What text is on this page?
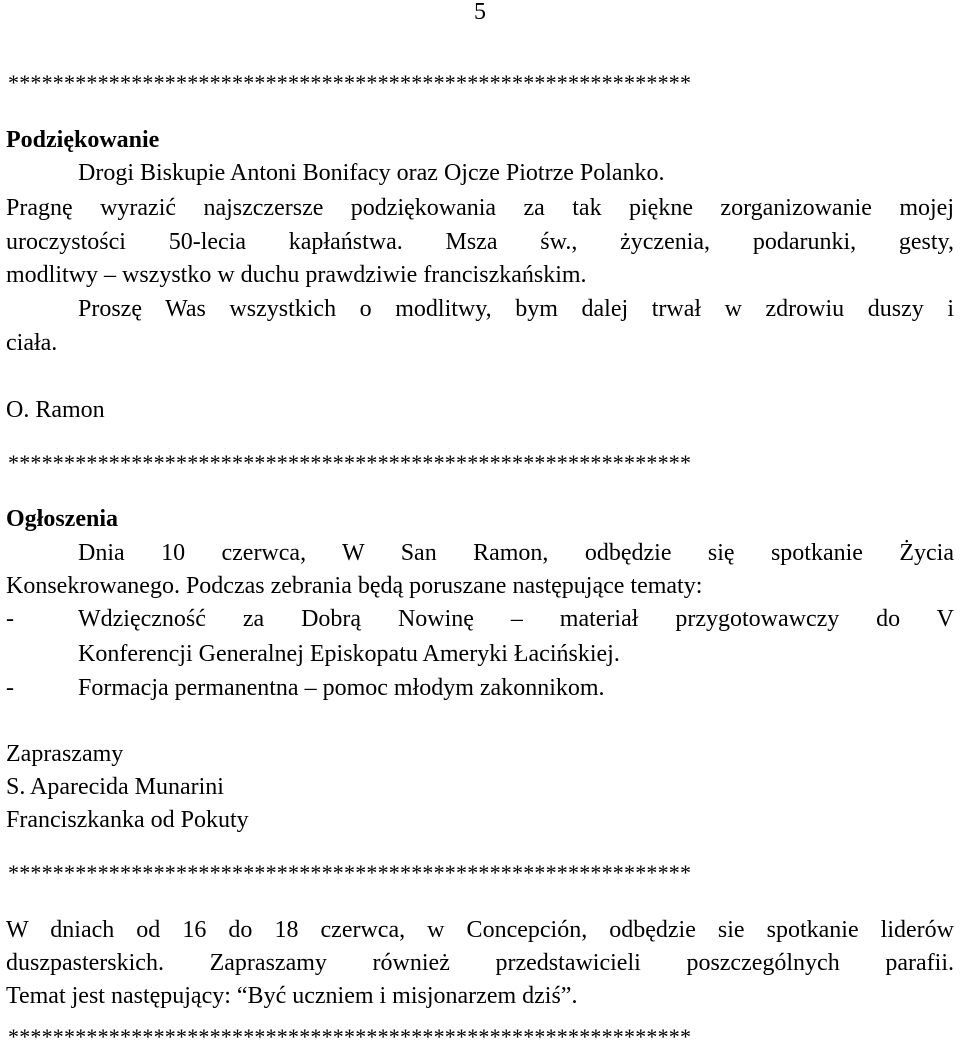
5
*************************************************************
Podziękowanie
Drogi Biskupie Antoni Bonifacy oraz Ojcze Piotrze Polanko.
Pragnę wyrazić najszczersze podziękowania za tak piękne zorganizowanie mojej
uroczystości 50-lecia kapłaństwa. Msza św., życzenia, podarunki, gesty,
modlitwy – wszystko w duchu prawdziwie franciszkańskim.
Proszę Was wszystkich o modlitwy, bym dalej trwał w zdrowiu duszy i
ciała.
O. Ramon
*************************************************************
Ogłoszenia
Dnia 10 czerwca, W San Ramon, odbędzie się spotkanie Życia
Konsekrowanego. Podczas zebrania będą poruszane następujące tematy:
-	Wdzięczność za Dobrą Nowinę – materiał przygotowawczy do V
Konferencji Generalnej Episkopatu Ameryki Łacińskiej.
-	Formacja permanentna – pomoc młodym zakonnikom.
Zapraszamy
S. Aparecida Munarini
Franciszkanka od Pokuty
*************************************************************
W dniach od 16 do 18 czerwca, w Concepción, odbędzie sie spotkanie liderów
duszpasterskich. Zapraszamy również przedstawicieli poszczególnych parafii.
Temat jest następujący: “Być uczniem i misjonarzem dziś”.
*************************************************************
